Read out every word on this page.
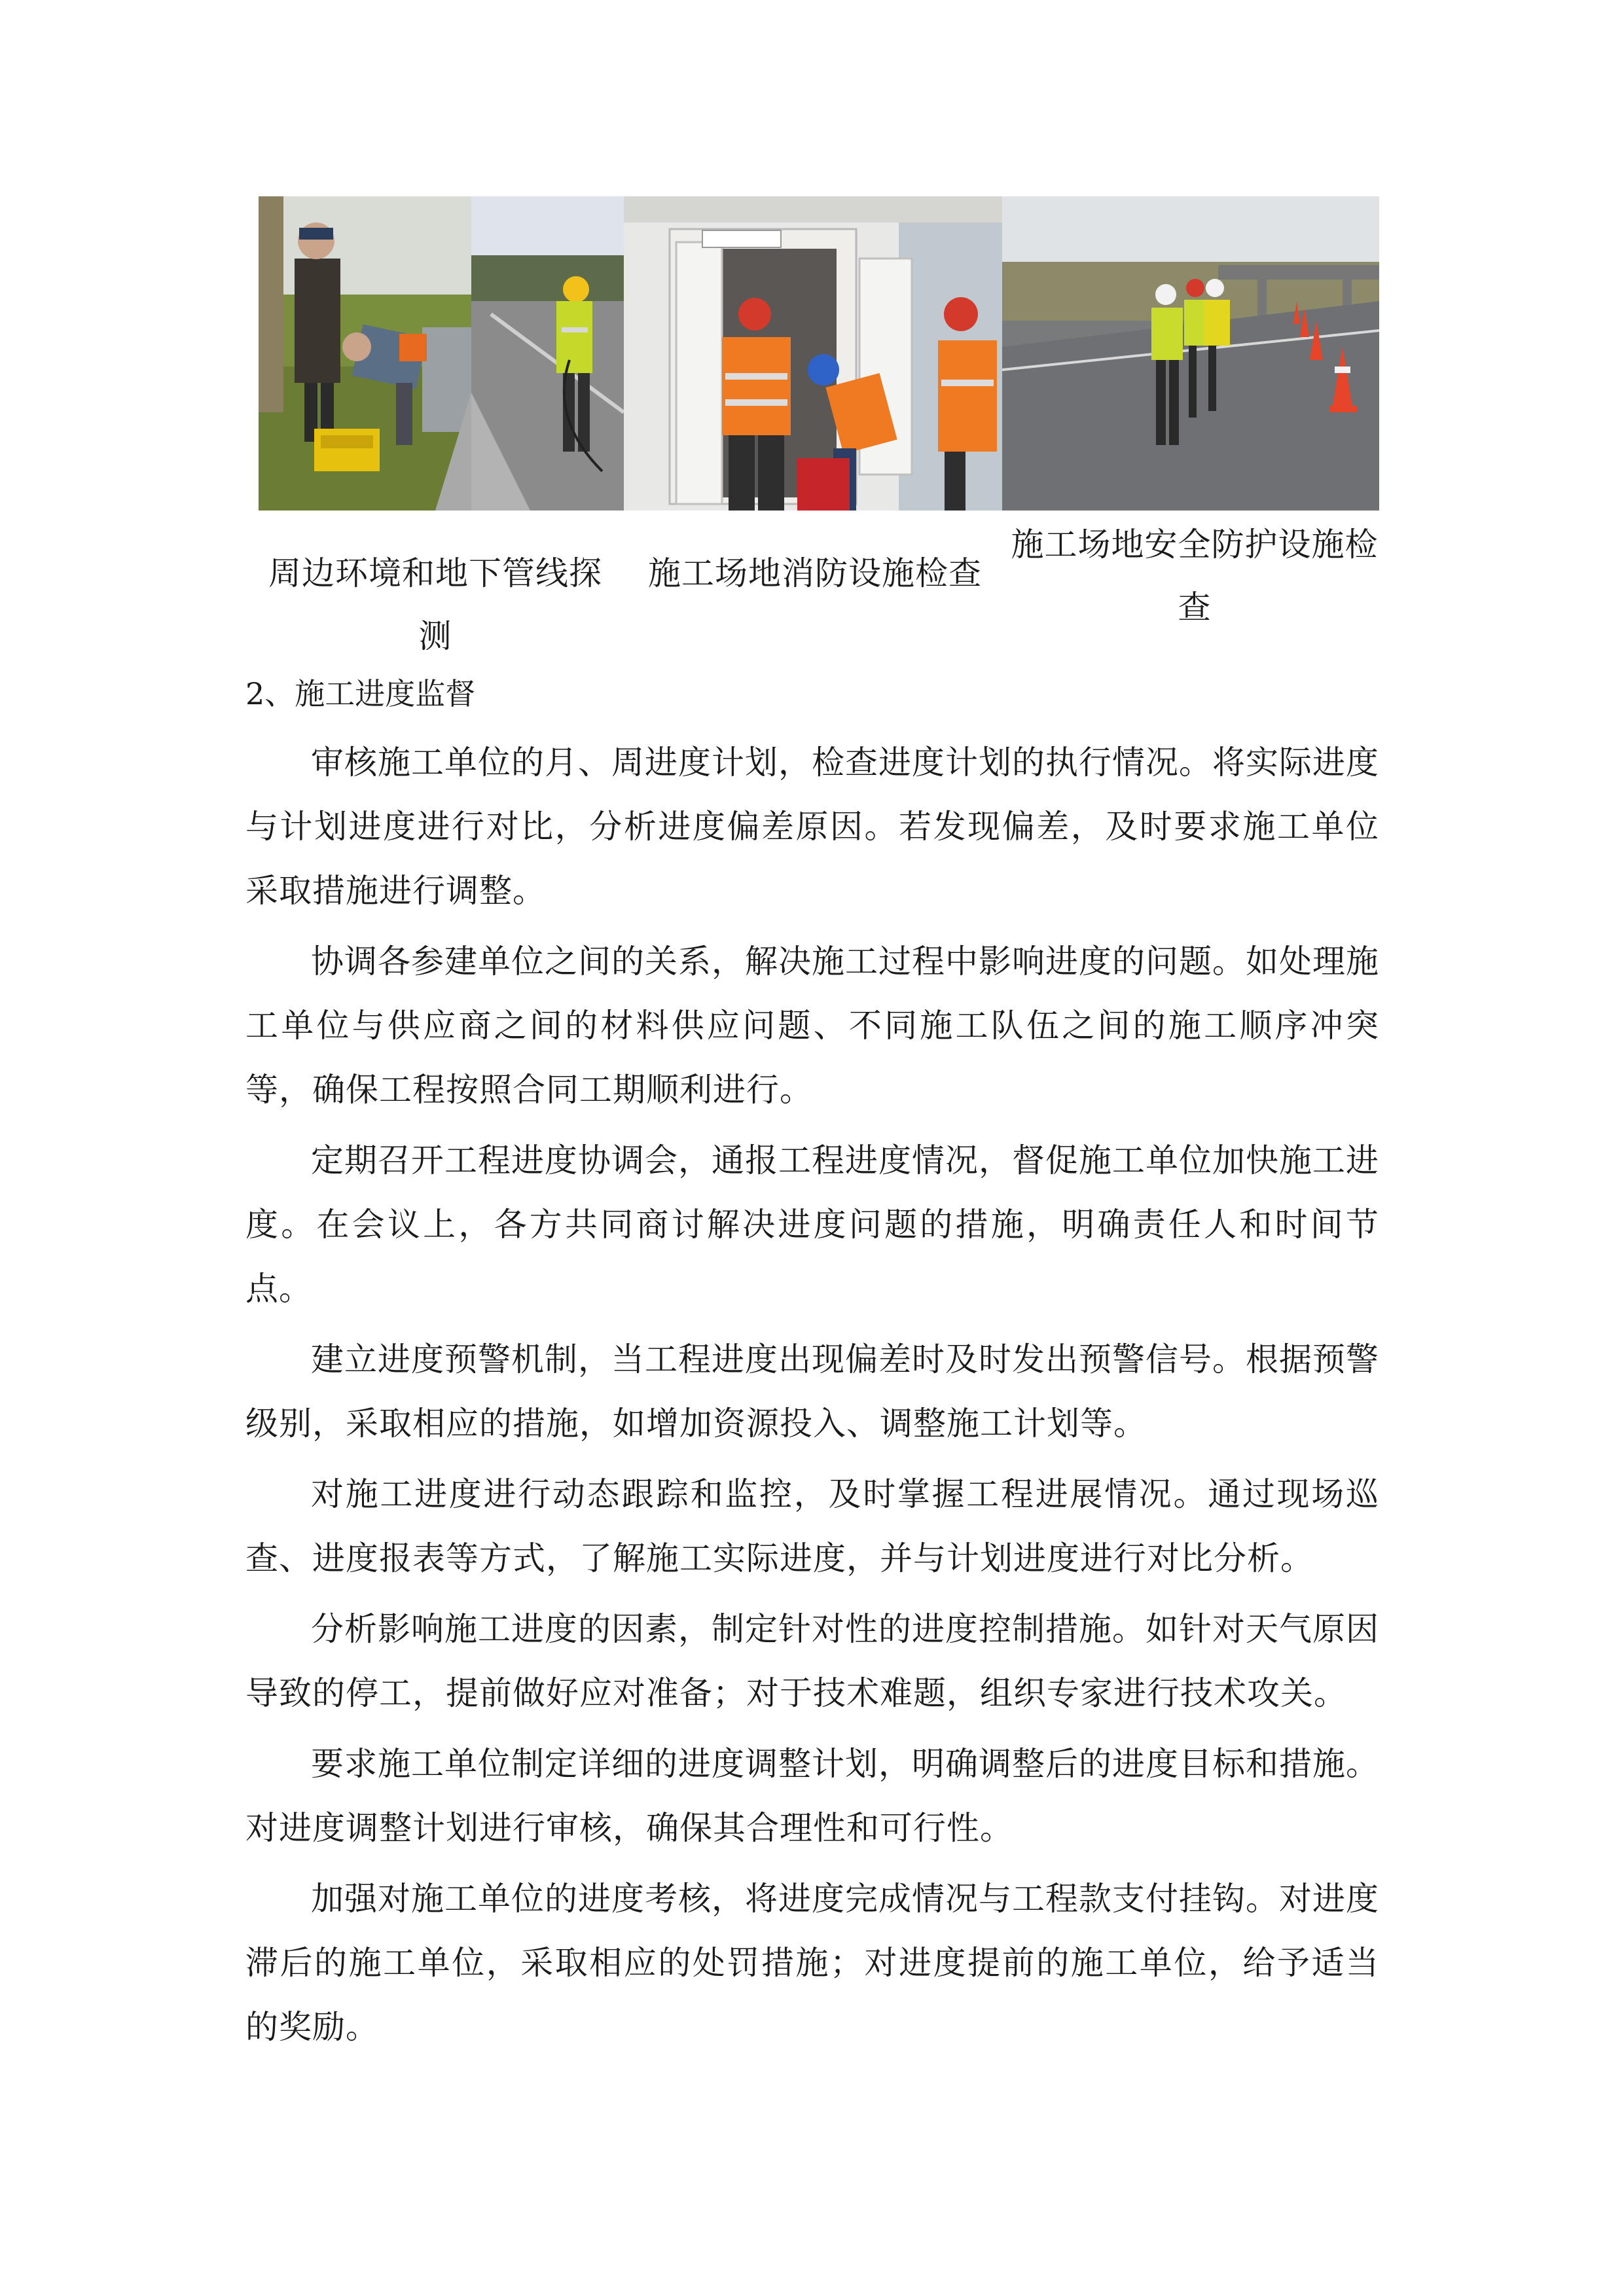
周边环境和地下管线探测
施工场地消防设施检查
施工场地安全防护设施检查
2、施工进度监督

审核施工单位的月、周进度计划，检查进度计划的执行情况。将实际进度与计划进度进行对比，分析进度偏差原因。若发现偏差，及时要求施工单位采取措施进行调整。

协调各参建单位之间的关系，解决施工过程中影响进度的问题。如处理施工单位与供应商之间的材料供应问题、不同施工队伍之间的施工顺序冲突等，确保工程按照合同工期顺利进行。

定期召开工程进度协调会，通报工程进度情况，督促施工单位加快施工进度。在会议上，各方共同商讨解决进度问题的措施，明确责任人和时间节点。

建立进度预警机制，当工程进度出现偏差时及时发出预警信号。根据预警级别，采取相应的措施，如增加资源投入、调整施工计划等。

对施工进度进行动态跟踪和监控，及时掌握工程进展情况。通过现场巡查、进度报表等方式，了解施工实际进度，并与计划进度进行对比分析。

分析影响施工进度的因素，制定针对性的进度控制措施。如针对天气原因导致的停工，提前做好应对准备；对于技术难题，组织专家进行技术攻关。

要求施工单位制定详细的进度调整计划，明确调整后的进度目标和措施。对进度调整计划进行审核，确保其合理性和可行性。

加强对施工单位的进度考核，将进度完成情况与工程款支付挂钩。对进度滞后的施工单位，采取相应的处罚措施；对进度提前的施工单位，给予适当的奖励。
